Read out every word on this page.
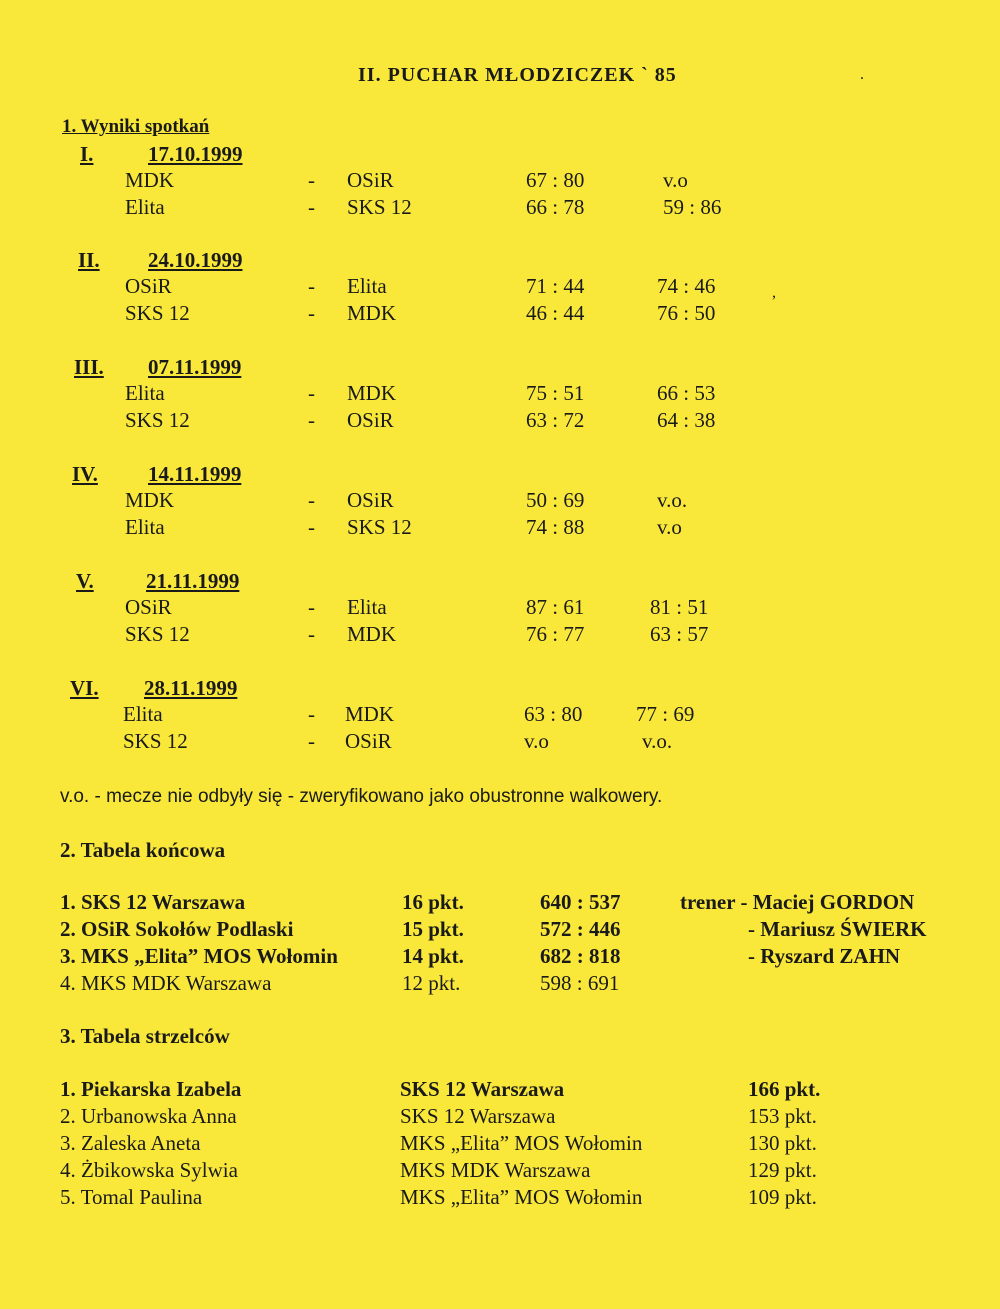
II. PUCHAR MŁODZICZEK ` 85	.
,
1. Wyniki spotkań
I.	17.10.1999
MDK	- OSiR	67 : 80	v.o
Elita	- SKS 12	66 : 78	59 : 86
II. 24.10.1999
OSiR	- Elita	71 : 44	74 : 46
SKS 12	- MDK	46 : 44	76 : 50
III. 07.11.1999
Elita	- MDK	75 : 51	66 : 53
SKS 12	- OSiR	63 : 72	64 : 38
IV. 14.11.1999
MDK	- OSiR	50 : 69	v.o.
Elita	- SKS 12	74 : 88	v.o
V. 21.11.1999
OSiR	- Elita	87 : 61	81 : 51
SKS 12	- MDK	76 : 77	63 : 57
VI. 28.11.1999
Elita	- MDK	63 : 80	77 : 69
SKS 12	- OSiR	v.o	v.o.
v.o. - mecze nie odbyły się - zweryfikowano jako obustronne walkowery.
2. Tabela końcowa
1. SKS 12 Warszawa	16 pkt.	640 : 537	trener - Maciej GORDON
2. OSiR Sokołów Podlaski	15 pkt.	572 : 446	- Mariusz ŚWIERK
3. MKS „Elita” MOS Wołomin	14 pkt.	682 : 818	- Ryszard ZAHN
4. MKS MDK Warszawa	12 pkt.	598 : 691
3. Tabela strzelców
1. Piekarska Izabela	SKS 12 Warszawa	166 pkt.
2. Urbanowska Anna	SKS 12 Warszawa	153 pkt.
3. Zaleska Aneta	MKS „Elita” MOS Wołomin	130 pkt.
4. Żbikowska Sylwia	MKS MDK Warszawa	129 pkt.
5. Tomal Paulina	MKS „Elita” MOS Wołomin	109 pkt.
